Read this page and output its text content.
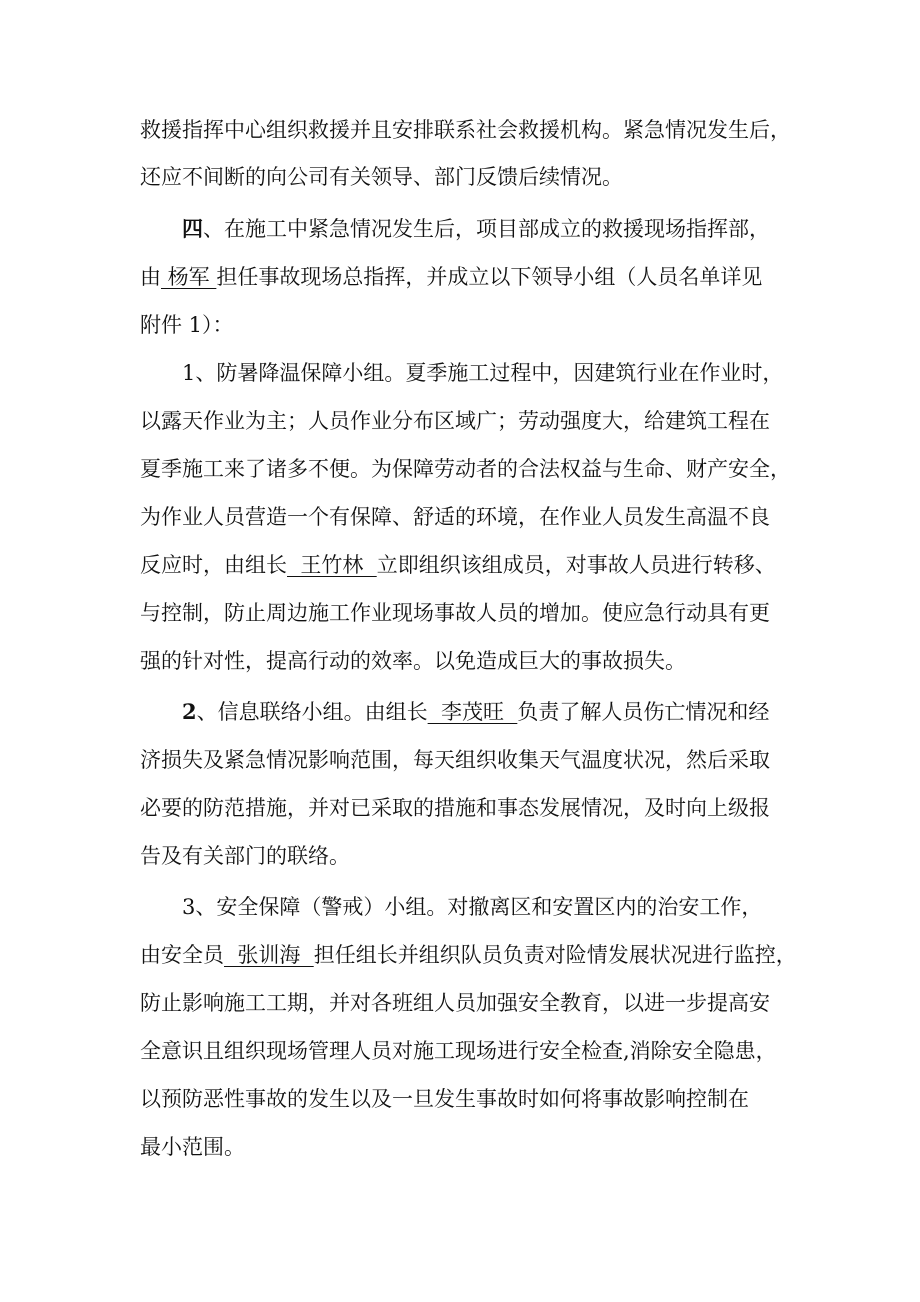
救援指挥中心组织救援并且安排联系社会救援机构。紧急情况发生后，
还应不间断的向公司有关领导、部门反馈后续情况。
四、在施工中紧急情况发生后，项目部成立的救援现场指挥部，
由 杨军 担任事故现场总指挥，并成立以下领导小组（人员名单详见
附件 1）：
1、防暑降温保障小组。夏季施工过程中，因建筑行业在作业时，
以露天作业为主；人员作业分布区域广；劳动强度大，给建筑工程在
夏季施工来了诸多不便。为保障劳动者的合法权益与生命、财产安全，
为作业人员营造一个有保障、舒适的环境，在作业人员发生高温不良
反应时，由组长  王竹林  立即组织该组成员，对事故人员进行转移、
与控制，防止周边施工作业现场事故人员的增加。使应急行动具有更
强的针对性，提高行动的效率。以免造成巨大的事故损失。
2、信息联络小组。由组长  李茂旺  负责了解人员伤亡情况和经
济损失及紧急情况影响范围，每天组织收集天气温度状况，然后采取
必要的防范措施，并对已采取的措施和事态发展情况，及时向上级报
告及有关部门的联络。
3、安全保障（警戒）小组。对撤离区和安置区内的治安工作，
由安全员  张训海  担任组长并组织队员负责对险情发展状况进行监控，
防止影响施工工期，并对各班组人员加强安全教育，以进一步提高安
全意识且组织现场管理人员对施工现场进行安全检查,消除安全隐患，
以预防恶性事故的发生以及一旦发生事故时如何将事故影响控制在
最小范围。
